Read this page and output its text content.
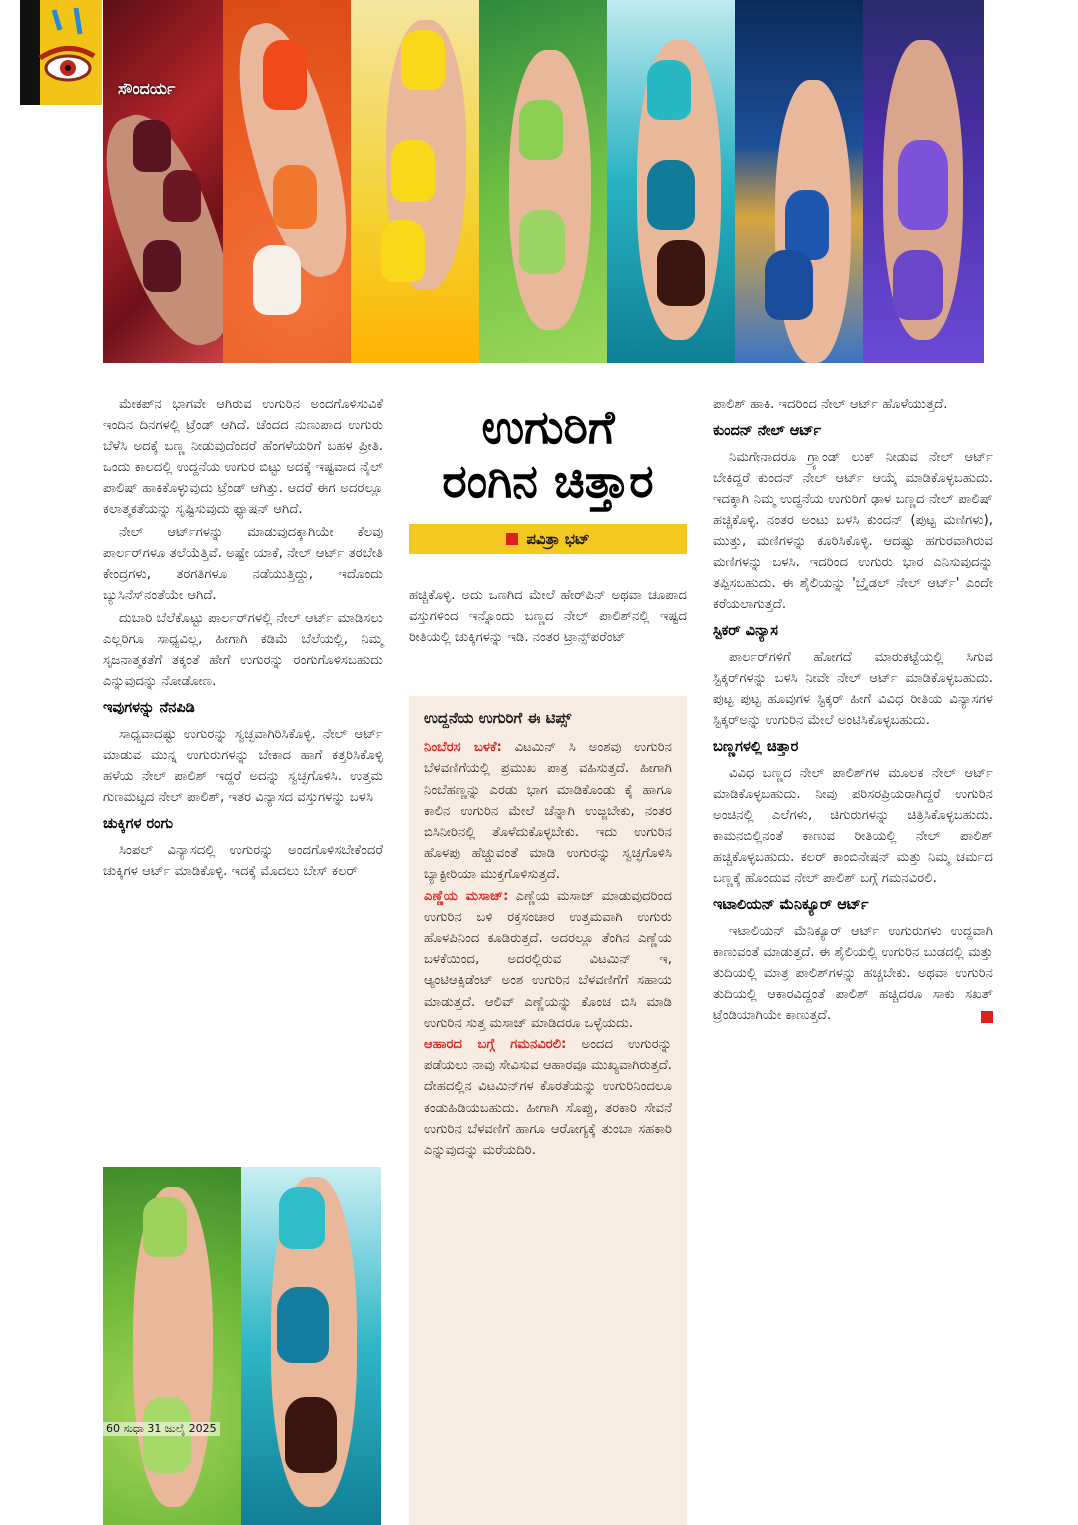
ಸೌಂದರ್ಯ

ಮೇಕಪ್‌ನ ಭಾಗವೇ ಆಗಿರುವ ಉಗುರಿನ ಅಂದಗೊಳಿಸುವಿಕೆ ಇಂದಿನ ದಿನಗಳಲ್ಲಿ ಟ್ರೆಂಡ್ ಆಗಿದೆ. ಚೆಂದದ ನುಣುಪಾದ ಉಗುರು ಬೆಳೆಸಿ ಅದಕ್ಕೆ ಬಣ್ಣ ನೀಡುವುದೆಂದರೆ ಹೆಂಗಳೆಯರಿಗೆ ಬಹಳ ಪ್ರೀತಿ. ಒಂದು ಕಾಲದಲ್ಲಿ ಉದ್ದನೆಯ ಉಗುರ ಬಿಟ್ಟು ಅದಕ್ಕೆ ಇಷ್ಟವಾದ ನೈಲ್ ಪಾಲಿಷ್ ಹಾಕಿಕೊಳ್ಳುವುದು ಟ್ರೆಂಡ್ ಆಗಿತ್ತು. ಆದರೆ ಈಗ ಅದರಲ್ಲೂ ಕಲಾತ್ಮಕತೆಯನ್ನು ಸೃಷ್ಟಿಸುವುದು ಫ್ಯಾಷನ್ ಆಗಿದೆ.

ನೇಲ್ ಆರ್ಟ್‌ಗಳನ್ನು ಮಾಡುವುದಕ್ಕಾಗಿಯೇ ಕೆಲವು ಪಾರ್ಲರ್‌ಗಳೂ ತಲೆಯೆತ್ತಿವೆ. ಅಷ್ಟೇ ಯಾಕೆ, ನೇಲ್ ಆರ್ಟ್ ತರಬೇತಿ ಕೇಂದ್ರಗಳು, ತರಗತಿಗಳೂ ನಡೆಯುತ್ತಿದ್ದು, ಇದೊಂದು ಬ್ಯುಸಿನೆಸ್‌ನಂತೆಯೇ ಆಗಿದೆ.

ದುಬಾರಿ ಬೆಲೆಕೊಟ್ಟು ಪಾರ್ಲರ್‌ಗಳಲ್ಲಿ ನೇಲ್ ಆರ್ಟ್ ಮಾಡಿಸಲು ಎಲ್ಲರಿಗೂ ಸಾಧ್ಯವಿಲ್ಲ, ಹೀಗಾಗಿ ಕಡಿಮೆ ಬೆಲೆಯಲ್ಲಿ, ನಿಮ್ಮ ಸೃಜನಾತ್ಮಕತೆಗೆ ತಕ್ಕಂತೆ ಹೇಗೆ ಉಗುರನ್ನು ರಂಗುಗೊಳಿಸಬಹುದು ಎನ್ನುವುದನ್ನು ನೋಡೋಣ.

ಇವುಗಳನ್ನು ನೆನಪಿಡಿ

ಸಾಧ್ಯವಾದಷ್ಟು ಉಗುರನ್ನು ಸ್ವಚ್ಛವಾಗಿರಿಸಿಕೊಳ್ಳಿ. ನೇಲ್ ಆರ್ಟ್ ಮಾಡುವ ಮುನ್ನ ಉಗುರುಗಳನ್ನು ಬೇಕಾದ ಹಾಗೆ ಕತ್ತರಿಸಿಕೊಳ್ಳಿ ಹಳೆಯ ನೇಲ್ ಪಾಲಿಶ್ ಇದ್ದರೆ ಅದನ್ನು ಸ್ವಚ್ಛಗೊಳಿಸಿ. ಉತ್ತಮ ಗುಣಮಟ್ಟದ ನೇಲ್ ಪಾಲಿಶ್, ಇತರ ವಿನ್ಯಾಸದ ವಸ್ತುಗಳನ್ನು ಬಳಸಿ

ಚುಕ್ಕಿಗಳ ರಂಗು

ಸಿಂಪಲ್ ವಿನ್ಯಾಸದಲ್ಲಿ ಉಗುರನ್ನು ಅಂದಗೊಳಿಸಬೇಕೆಂದರೆ ಚುಕ್ಕಿಗಳ ಆರ್ಟ್ ಮಾಡಿಕೊಳ್ಳಿ. ಇದಕ್ಕೆ ಮೊದಲು ಬೇಸ್ ಕಲರ್

ಉಗುರಿಗೆ
ರಂಗಿನ ಚಿತ್ತಾರ
ಪವಿತ್ರಾ ಭಟ್

ಹಚ್ಚಿಕೊಳ್ಳಿ. ಅದು ಒಣಗಿದ ಮೇಲೆ ಹೇರ್‌ಪಿನ್ ಅಥವಾ ಚೂಪಾದ ವಸ್ತುಗಳಿಂದ ಇನ್ನೊಂದು ಬಣ್ಣದ ನೇಲ್ ಪಾಲಿಶ್‌ನಲ್ಲಿ ಇಷ್ಟದ ರೀತಿಯಲ್ಲಿ ಚುಕ್ಕಿಗಳನ್ನು ಇಡಿ. ನಂತರ ಟ್ರಾನ್ಸ್‌ಪರೆಂಟ್

ಉದ್ದನೆಯ ಉಗುರಿಗೆ ಈ ಟಿಪ್ಸ್

ನಿಂಬೆರಸ ಬಳಕೆ: ವಿಟಮಿನ್ ಸಿ ಅಂಶವು ಉಗುರಿನ ಬೆಳವಣಿಗೆಯಲ್ಲಿ ಪ್ರಮುಖ ಪಾತ್ರ ವಹಿಸುತ್ತದೆ. ಹೀಗಾಗಿ ನಿಂಬೆಹಣ್ಣನ್ನು ಎರಡು ಭಾಗ ಮಾಡಿಕೊಂಡು ಕೈ ಹಾಗೂ ಕಾಲಿನ ಉಗುರಿನ ಮೇಲೆ ಚೆನ್ನಾಗಿ ಉಜ್ಜಬೇಕು, ನಂತರ ಬಿಸಿನೀರಿನಲ್ಲಿ ತೊಳೆದುಕೊಳ್ಳಬೇಕು. ಇದು ಉಗುರಿನ ಹೊಳಪು ಹೆಚ್ಚುವಂತೆ ಮಾಡಿ ಉಗುರನ್ನು ಸ್ವಚ್ಛಗೊಳಿಸಿ ಬ್ಯಾಕ್ಟೀರಿಯಾ ಮುಕ್ತಗೊಳಿಸುತ್ತದೆ.

ಎಣ್ಣೆಯ ಮಸಾಜ್: ಎಣ್ಣೆಯ ಮಸಾಜ್ ಮಾಡುವುದರಿಂದ ಉಗುರಿನ ಬಳಿ ರಕ್ತಸಂಚಾರ ಉತ್ತಮವಾಗಿ ಉಗುರು ಹೊಳಪಿನಿಂದ ಕೂಡಿರುತ್ತದೆ. ಅದರಲ್ಲೂ ತೆಂಗಿನ ಎಣ್ಣೆಯ ಬಳಕೆಯಿಂದ, ಅದರಲ್ಲಿರುವ ವಿಟಮಿನ್ ಇ, ಆ್ಯಂಟಿಆಕ್ಸಿಡೆಂಟ್ ಅಂಶ ಉಗುರಿನ ಬೆಳವಣಿಗೆಗೆ ಸಹಾಯ ಮಾಡುತ್ತದೆ. ಆಲಿವ್ ಎಣ್ಣೆಯನ್ನು ಕೊಂಚ ಬಿಸಿ ಮಾಡಿ ಉಗುರಿನ ಸುತ್ತ ಮಸಾಜ್ ಮಾಡಿದರೂ ಒಳ್ಳೆಯದು.

ಆಹಾರದ ಬಗ್ಗೆ ಗಮನವಿರಲಿ: ಅಂದದ ಉಗುರನ್ನು ಪಡೆಯಲು ನಾವು ಸೇವಿಸುವ ಆಹಾರವೂ ಮುಖ್ಯವಾಗಿರುತ್ತದೆ. ದೇಹದಲ್ಲಿನ ವಿಟಮಿನ್‌ಗಳ ಕೊರತೆಯನ್ನು ಉಗುರಿನಿಂದಲೂ ಕಂಡುಹಿಡಿಯಬಹುದು. ಹೀಗಾಗಿ ಸೊಪ್ಪು, ತರಕಾರಿ ಸೇವನೆ ಉಗುರಿನ ಬೆಳವಣಿಗೆ ಹಾಗೂ ಆರೋಗ್ಯಕ್ಕೆ ತುಂಬಾ ಸಹಕಾರಿ ಎನ್ನುವುದನ್ನು ಮರೆಯದಿರಿ.

ಪಾಲಿಶ್ ಹಾಕಿ. ಇದರಿಂದ ನೇಲ್ ಆರ್ಟ್ ಹೊಳೆಯುತ್ತದೆ.

ಕುಂದನ್ ನೇಲ್ ಆರ್ಟ್

ನಿಮಗೇನಾದರೂ ಗ್ರ್ಯಾಂಡ್ ಲುಕ್ ನೀಡುವ ನೇಲ್ ಆರ್ಟ್ ಬೇಕಿದ್ದರೆ ಕುಂದನ್ ನೇಲ್ ಆರ್ಟ್ ಆಯ್ಕೆ ಮಾಡಿಕೊಳ್ಳಬಹುದು. ಇದಕ್ಕಾಗಿ ನಿಮ್ಮ ಉದ್ದನೆಯ ಉಗುರಿಗೆ ಢಾಳ ಬಣ್ಣದ ನೇಲ್ ಪಾಲಿಷ್ ಹಚ್ಚಿಕೊಳ್ಳಿ. ನಂತರ ಅಂಟು ಬಳಸಿ ಕುಂದನ್ (ಪುಟ್ಟ ಮಣಿಗಳು), ಮುತ್ತು, ಮಣಿಗಳನ್ನು ಕೂರಿಸಿಕೊಳ್ಳಿ. ಆದಷ್ಟು ಹಗುರವಾಗಿರುವ ಮಣಿಗಳನ್ನು ಬಳಸಿ. ಇದರಿಂದ ಉಗುರು ಭಾರ ಎನಿಸುವುದನ್ನು ತಪ್ಪಿಸಬಹುದು. ಈ ಶೈಲಿಯನ್ನು 'ಬ್ರೈಡಲ್ ನೇಲ್ ಆರ್ಟ್' ಎಂದೇ ಕರೆಯಲಾಗುತ್ತದೆ.

ಸ್ಟಿಕರ್ ವಿನ್ಯಾಸ

ಪಾರ್ಲರ್‌ಗಳಿಗೆ ಹೋಗದೆ ಮಾರುಕಟ್ಟೆಯಲ್ಲಿ ಸಿಗುವ ಸ್ಟಿಕ್ಕರ್‌ಗಳನ್ನು ಬಳಸಿ ನೀವೇ ನೇಲ್ ಆರ್ಟ್ ಮಾಡಿಕೊಳ್ಳಬಹುದು. ಪುಟ್ಟ ಪುಟ್ಟ ಹೂವುಗಳ ಸ್ಟಿಕ್ಕರ್ ಹೀಗೆ ವಿವಿಧ ರೀತಿಯ ವಿನ್ಯಾಸಗಳ ಸ್ಟಿಕ್ಕರ್‌ಅನ್ನು ಉಗುರಿನ ಮೇಲೆ ಅಂಟಿಸಿಕೊಳ್ಳಬಹುದು.

ಬಣ್ಣಗಳಲ್ಲಿ ಚಿತ್ತಾರ

ವಿವಿಧ ಬಣ್ಣದ ನೇಲ್ ಪಾಲಿಶ್‌ಗಳ ಮೂಲಕ ನೇಲ್ ಆರ್ಟ್ ಮಾಡಿಕೊಳ್ಳಬಹುದು. ನೀವು ಪರಿಸರಪ್ರಿಯರಾಗಿದ್ದರೆ ಉಗುರಿನ ಅಂಚಿನಲ್ಲಿ ಎಲೆಗಳು, ಚಿಗುರುಗಳನ್ನು ಚಿತ್ರಿಸಿಕೊಳ್ಳಬಹುದು. ಕಾಮನಬಿಲ್ಲಿನಂತೆ ಕಾಣುವ ರೀತಿಯಲ್ಲಿ ನೇಲ್ ಪಾಲಿಶ್ ಹಚ್ಚಿಕೊಳ್ಳಬಹುದು. ಕಲರ್ ಕಾಂಬಿನೇಷನ್ ಮತ್ತು ನಿಮ್ಮ ಚರ್ಮದ ಬಣ್ಣಕ್ಕೆ ಹೊಂದುವ ನೇಲ್ ಪಾಲಿಶ್ ಬಗ್ಗೆ ಗಮನವಿರಲಿ.

ಇಟಾಲಿಯನ್ ಮೆನಿಕ್ಯೂರ್ ಆರ್ಟ್

ಇಟಾಲಿಯನ್ ಮೆನಿಕ್ಯೂರ್ ಆರ್ಟ್ ಉಗುರುಗಳು ಉದ್ದವಾಗಿ ಕಾಣುವಂತೆ ಮಾಡುತ್ತದೆ. ಈ ಶೈಲಿಯಲ್ಲಿ ಉಗುರಿನ ಬುಡದಲ್ಲಿ ಮತ್ತು ತುದಿಯಲ್ಲಿ ಮಾತ್ರ ಪಾಲಿಶ್‌ಗಳನ್ನು ಹಚ್ಚಬೇಕು. ಅಥವಾ ಉಗುರಿನ ತುದಿಯಲ್ಲಿ ಆಕಾರವಿದ್ದಂತೆ ಪಾಲಿಶ್ ಹಚ್ಚಿದರೂ ಸಾಕು ಸಖತ್ ಟ್ರೆಂಡಿಯಾಗಿಯೇ ಕಾಣುತ್ತದೆ.

60 ಸುಧಾ 31 ಜುಲೈ 2025
